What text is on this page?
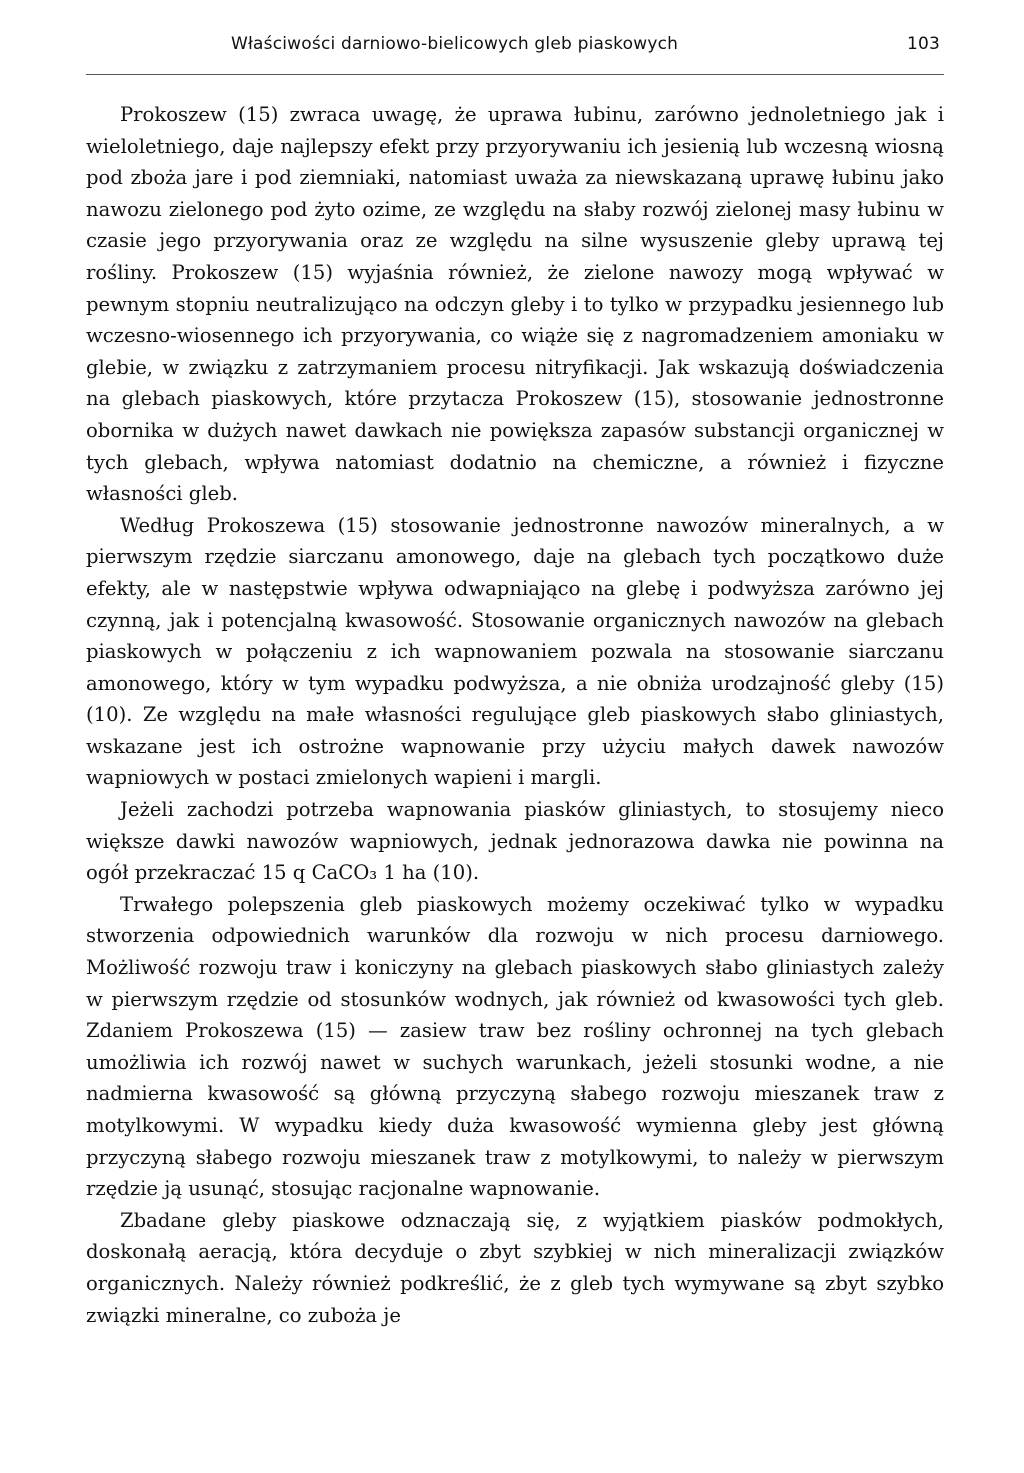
Właściwości darniowo-bielicowych gleb piaskowych	103

Prokoszew (15) zwraca uwagę, że uprawa łubinu, zarówno jednoletniego jak i wieloletniego, daje najlepszy efekt przy przyorywaniu ich jesienią lub wczesną wiosną pod zboża jare i pod ziemniaki, natomiast uważa za niewskazaną uprawę łubinu jako nawozu zielonego pod żyto ozime, ze względu na słaby rozwój zielonej masy łubinu w czasie jego przyorywania oraz ze względu na silne wysuszenie gleby uprawą tej rośliny. Prokoszew (15) wyjaśnia również, że zielone nawozy mogą wpływać w pewnym stopniu neutralizująco na odczyn gleby i to tylko w przypadku jesiennego lub wczesno-wiosennego ich przyorywania, co wiąże się z nagromadzeniem amoniaku w glebie, w związku z zatrzymaniem procesu nitryfikacji. Jak wskazują doświadczenia na glebach piaskowych, które przytacza Prokoszew (15), stosowanie jednostronne obornika w dużych nawet dawkach nie powiększa zapasów substancji organicznej w tych glebach, wpływa natomiast dodatnio na chemiczne, a również i fizyczne własności gleb.

Według Prokoszewa (15) stosowanie jednostronne nawozów mineralnych, a w pierwszym rzędzie siarczanu amonowego, daje na glebach tych początkowo duże efekty, ale w następstwie wpływa odwapniająco na glebę i podwyższa zarówno jej czynną, jak i potencjalną kwasowość. Stosowanie organicznych nawozów na glebach piaskowych w połączeniu z ich wapnowaniem pozwala na stosowanie siarczanu amonowego, który w tym wypadku podwyższa, a nie obniża urodzajność gleby (15) (10). Ze względu na małe własności regulujące gleb piaskowych słabo gliniastych, wskazane jest ich ostrożne wapnowanie przy użyciu małych dawek nawozów wapniowych w postaci zmielonych wapieni i margli.

Jeżeli zachodzi potrzeba wapnowania piasków gliniastych, to stosujemy nieco większe dawki nawozów wapniowych, jednak jednorazowa dawka nie powinna na ogół przekraczać 15 q CaCO₃ 1 ha (10).

Trwałego polepszenia gleb piaskowych możemy oczekiwać tylko w wypadku stworzenia odpowiednich warunków dla rozwoju w nich procesu darniowego. Możliwość rozwoju traw i koniczyny na glebach piaskowych słabo gliniastych zależy w pierwszym rzędzie od stosunków wodnych, jak również od kwasowości tych gleb. Zdaniem Prokoszewa (15) — zasiew traw bez rośliny ochronnej na tych glebach umożliwia ich rozwój nawet w suchych warunkach, jeżeli stosunki wodne, a nie nadmierna kwasowość są główną przyczyną słabego rozwoju mieszanek traw z motylkowymi. W wypadku kiedy duża kwasowość wymienna gleby jest główną przyczyną słabego rozwoju mieszanek traw z motylkowymi, to należy w pierwszym rzędzie ją usunąć, stosując racjonalne wapnowanie.

Zbadane gleby piaskowe odznaczają się, z wyjątkiem piasków podmokłych, doskonałą aeracją, która decyduje o zbyt szybkiej w nich mineralizacji związków organicznych. Należy również podkreślić, że z gleb tych wymywane są zbyt szybko związki mineralne, co zuboża je
